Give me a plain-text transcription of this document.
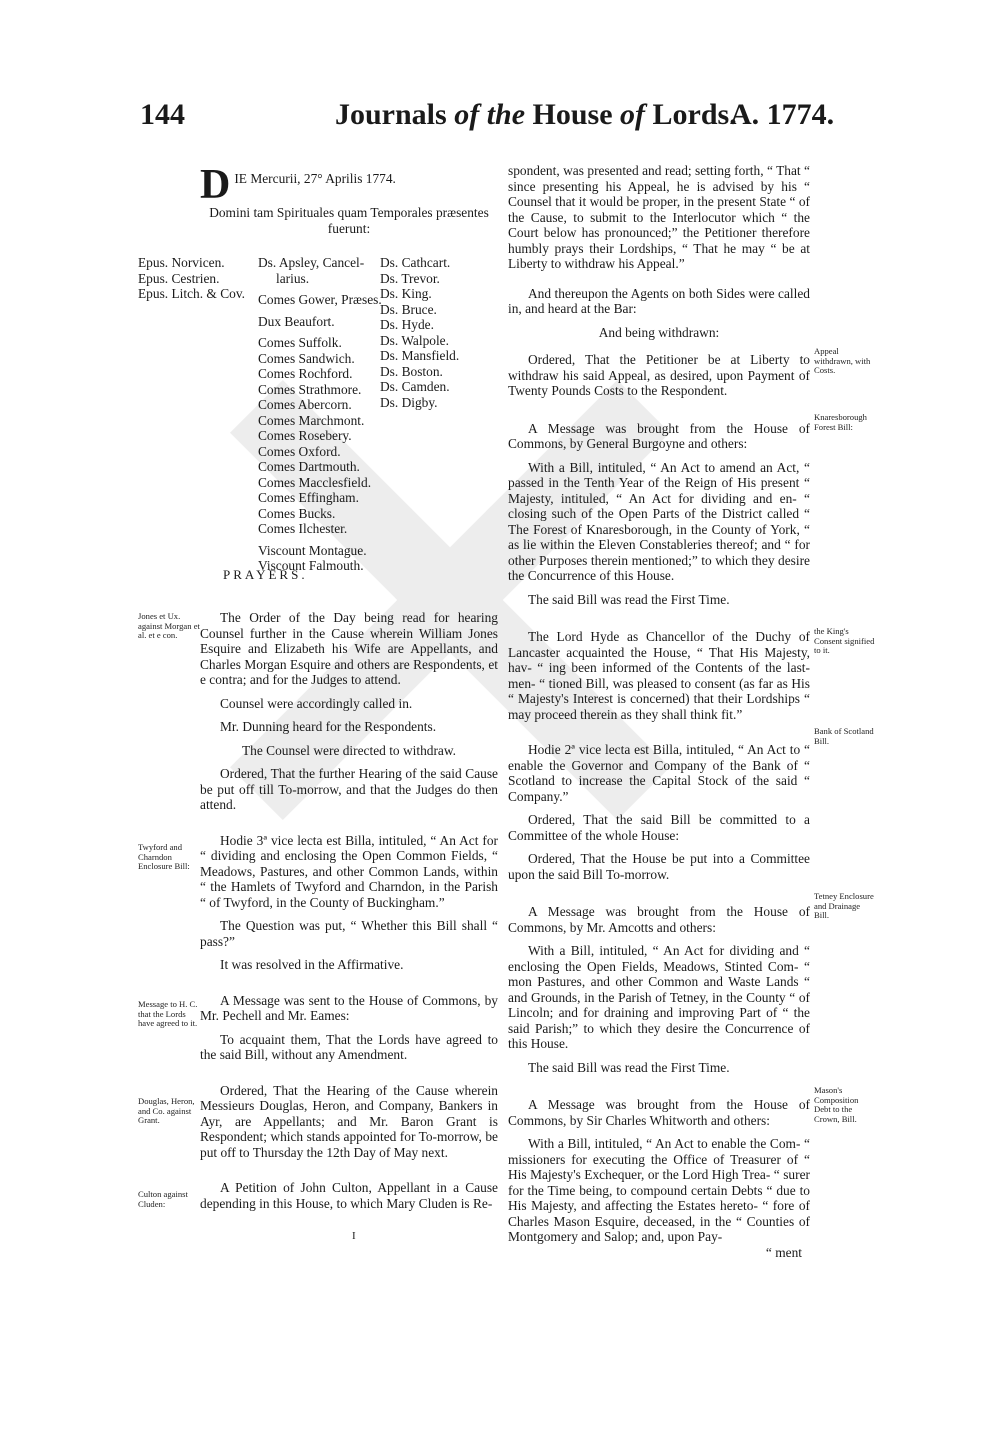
144	Journals of the House of Lords.
A. 1774.
D IE Mercurii, 27° Aprilis 1774.
Domini tam Spirituales quam Temporales præsentes
fuerunt:
Epus. Norvicen.
Epus. Cestrien.
Epus. Litch. & Cov.
Ds. Apsley, Cancel-
larius.
Comes Gower, Præses.
Dux Beaufort.
Comes Suffolk.
Comes Sandwich.
Comes Rochford.
Comes Strathmore.
Comes Abercorn.
Comes Marchmont.
Comes Rosebery.
Comes Oxford.
Comes Dartmouth.
Comes Macclesfield.
Comes Effingham.
Comes Bucks.
Comes Ilchester.
Viscount Montague.
Viscount Falmouth.
Ds. Cathcart.
Ds. Trevor.
Ds. King.
Ds. Bruce.
Ds. Hyde.
Ds. Walpole.
Ds. Mansfield.
Ds. Boston.
Ds. Camden.
Ds. Digby.
PRAYERS.

The Order of the Day being read for hearing Counsel further in the Cause wherein William Jones Esquire and Elizabeth his Wife are Appellants, and Charles Morgan Esquire and others are Respondents, et e contra; and for the Judges to attend.

Counsel were accordingly called in.

Mr. Dunning heard for the Respondents.

The Counsel were directed to withdraw.

Ordered, That the further Hearing of the said Cause be put off till To-morrow, and that the Judges do then attend.

Hodie 3ª vice lecta est Billa, intituled, “ An Act for “ dividing and enclosing the Open Common Fields, “ Meadows, Pastures, and other Common Lands, within “ the Hamlets of Twyford and Charndon, in the Parish “ of Twyford, in the County of Buckingham.”

The Question was put, “ Whether this Bill shall “ pass?”

It was resolved in the Affirmative.

A Message was sent to the House of Commons, by Mr. Pechell and Mr. Eames:

To acquaint them, That the Lords have agreed to the said Bill, without any Amendment.

Ordered, That the Hearing of the Cause wherein Messieurs Douglas, Heron, and Company, Bankers in Ayr, are Appellants; and Mr. Baron Grant is Respondent; which stands appointed for To-morrow, be put off to Thursday the 12th Day of May next.

A Petition of John Culton, Appellant in a Cause depending in this House, to which Mary Cluden is Re-

Jones et Ux. against Morgan et al. et e con.
Twyford and Charndon Enclosure Bill:
Message to H. C. that the Lords have agreed to it.
Douglas, Heron, and Co. against Grant.
Culton against Cluden:
I

spondent, was presented and read; setting forth, “ That “ since presenting his Appeal, he is advised by his “ Counsel that it would be proper, in the present State “ of the Cause, to submit to the Interlocutor which “ the Court below has pronounced;” the Petitioner therefore humbly prays their Lordships, “ That he may “ be at Liberty to withdraw his Appeal.”

And thereupon the Agents on both Sides were called in, and heard at the Bar:

And being withdrawn:

Ordered, That the Petitioner be at Liberty to withdraw his said Appeal, as desired, upon Payment of Twenty Pounds Costs to the Respondent.

A Message was brought from the House of Commons, by General Burgoyne and others:

With a Bill, intituled, “ An Act to amend an Act, “ passed in the Tenth Year of the Reign of His present “ Majesty, intituled, “ An Act for dividing and en- “ closing such of the Open Parts of the District called “ The Forest of Knaresborough, in the County of York, “ as lie within the Eleven Constableries thereof; and “ for other Purposes therein mentioned;” to which they desire the Concurrence of this House.

The said Bill was read the First Time.

The Lord Hyde as Chancellor of the Duchy of Lancaster acquainted the House, “ That His Majesty, hav- “ ing been informed of the Contents of the last-men- “ tioned Bill, was pleased to consent (as far as His “ Majesty's Interest is concerned) that their Lordships “ may proceed therein as they shall think fit.”

Hodie 2ª vice lecta est Billa, intituled, “ An Act to “ enable the Governor and Company of the Bank of “ Scotland to increase the Capital Stock of the said “ Company.”

Ordered, That the said Bill be committed to a Committee of the whole House:

Ordered, That the House be put into a Committee upon the said Bill To-morrow.

A Message was brought from the House of Commons, by Mr. Amcotts and others:

With a Bill, intituled, “ An Act for dividing and “ enclosing the Open Fields, Meadows, Stinted Com- “ mon Pastures, and other Common and Waste Lands “ and Grounds, in the Parish of Tetney, in the County “ of Lincoln; and for draining and improving Part of “ the said Parish;” to which they desire the Concurrence of this House.

The said Bill was read the First Time.

A Message was brought from the House of Commons, by Sir Charles Whitworth and others:

With a Bill, intituled, “ An Act to enable the Com- “ missioners for executing the Office of Treasurer of “ His Majesty's Exchequer, or the Lord High Trea- “ surer for the Time being, to compound certain Debts “ due to His Majesty, and affecting the Estates hereto- “ fore of Charles Mason Esquire, deceased, in the “ Counties of Montgomery and Salop; and, upon Pay-

“ ment
Appeal withdrawn, with Costs.
Knaresborough Forest Bill:
the King's Consent signified to it.
Bank of Scotland Bill.
Tetney Enclosure and Drainage Bill.
Mason's Composition Debt to the Crown, Bill.
